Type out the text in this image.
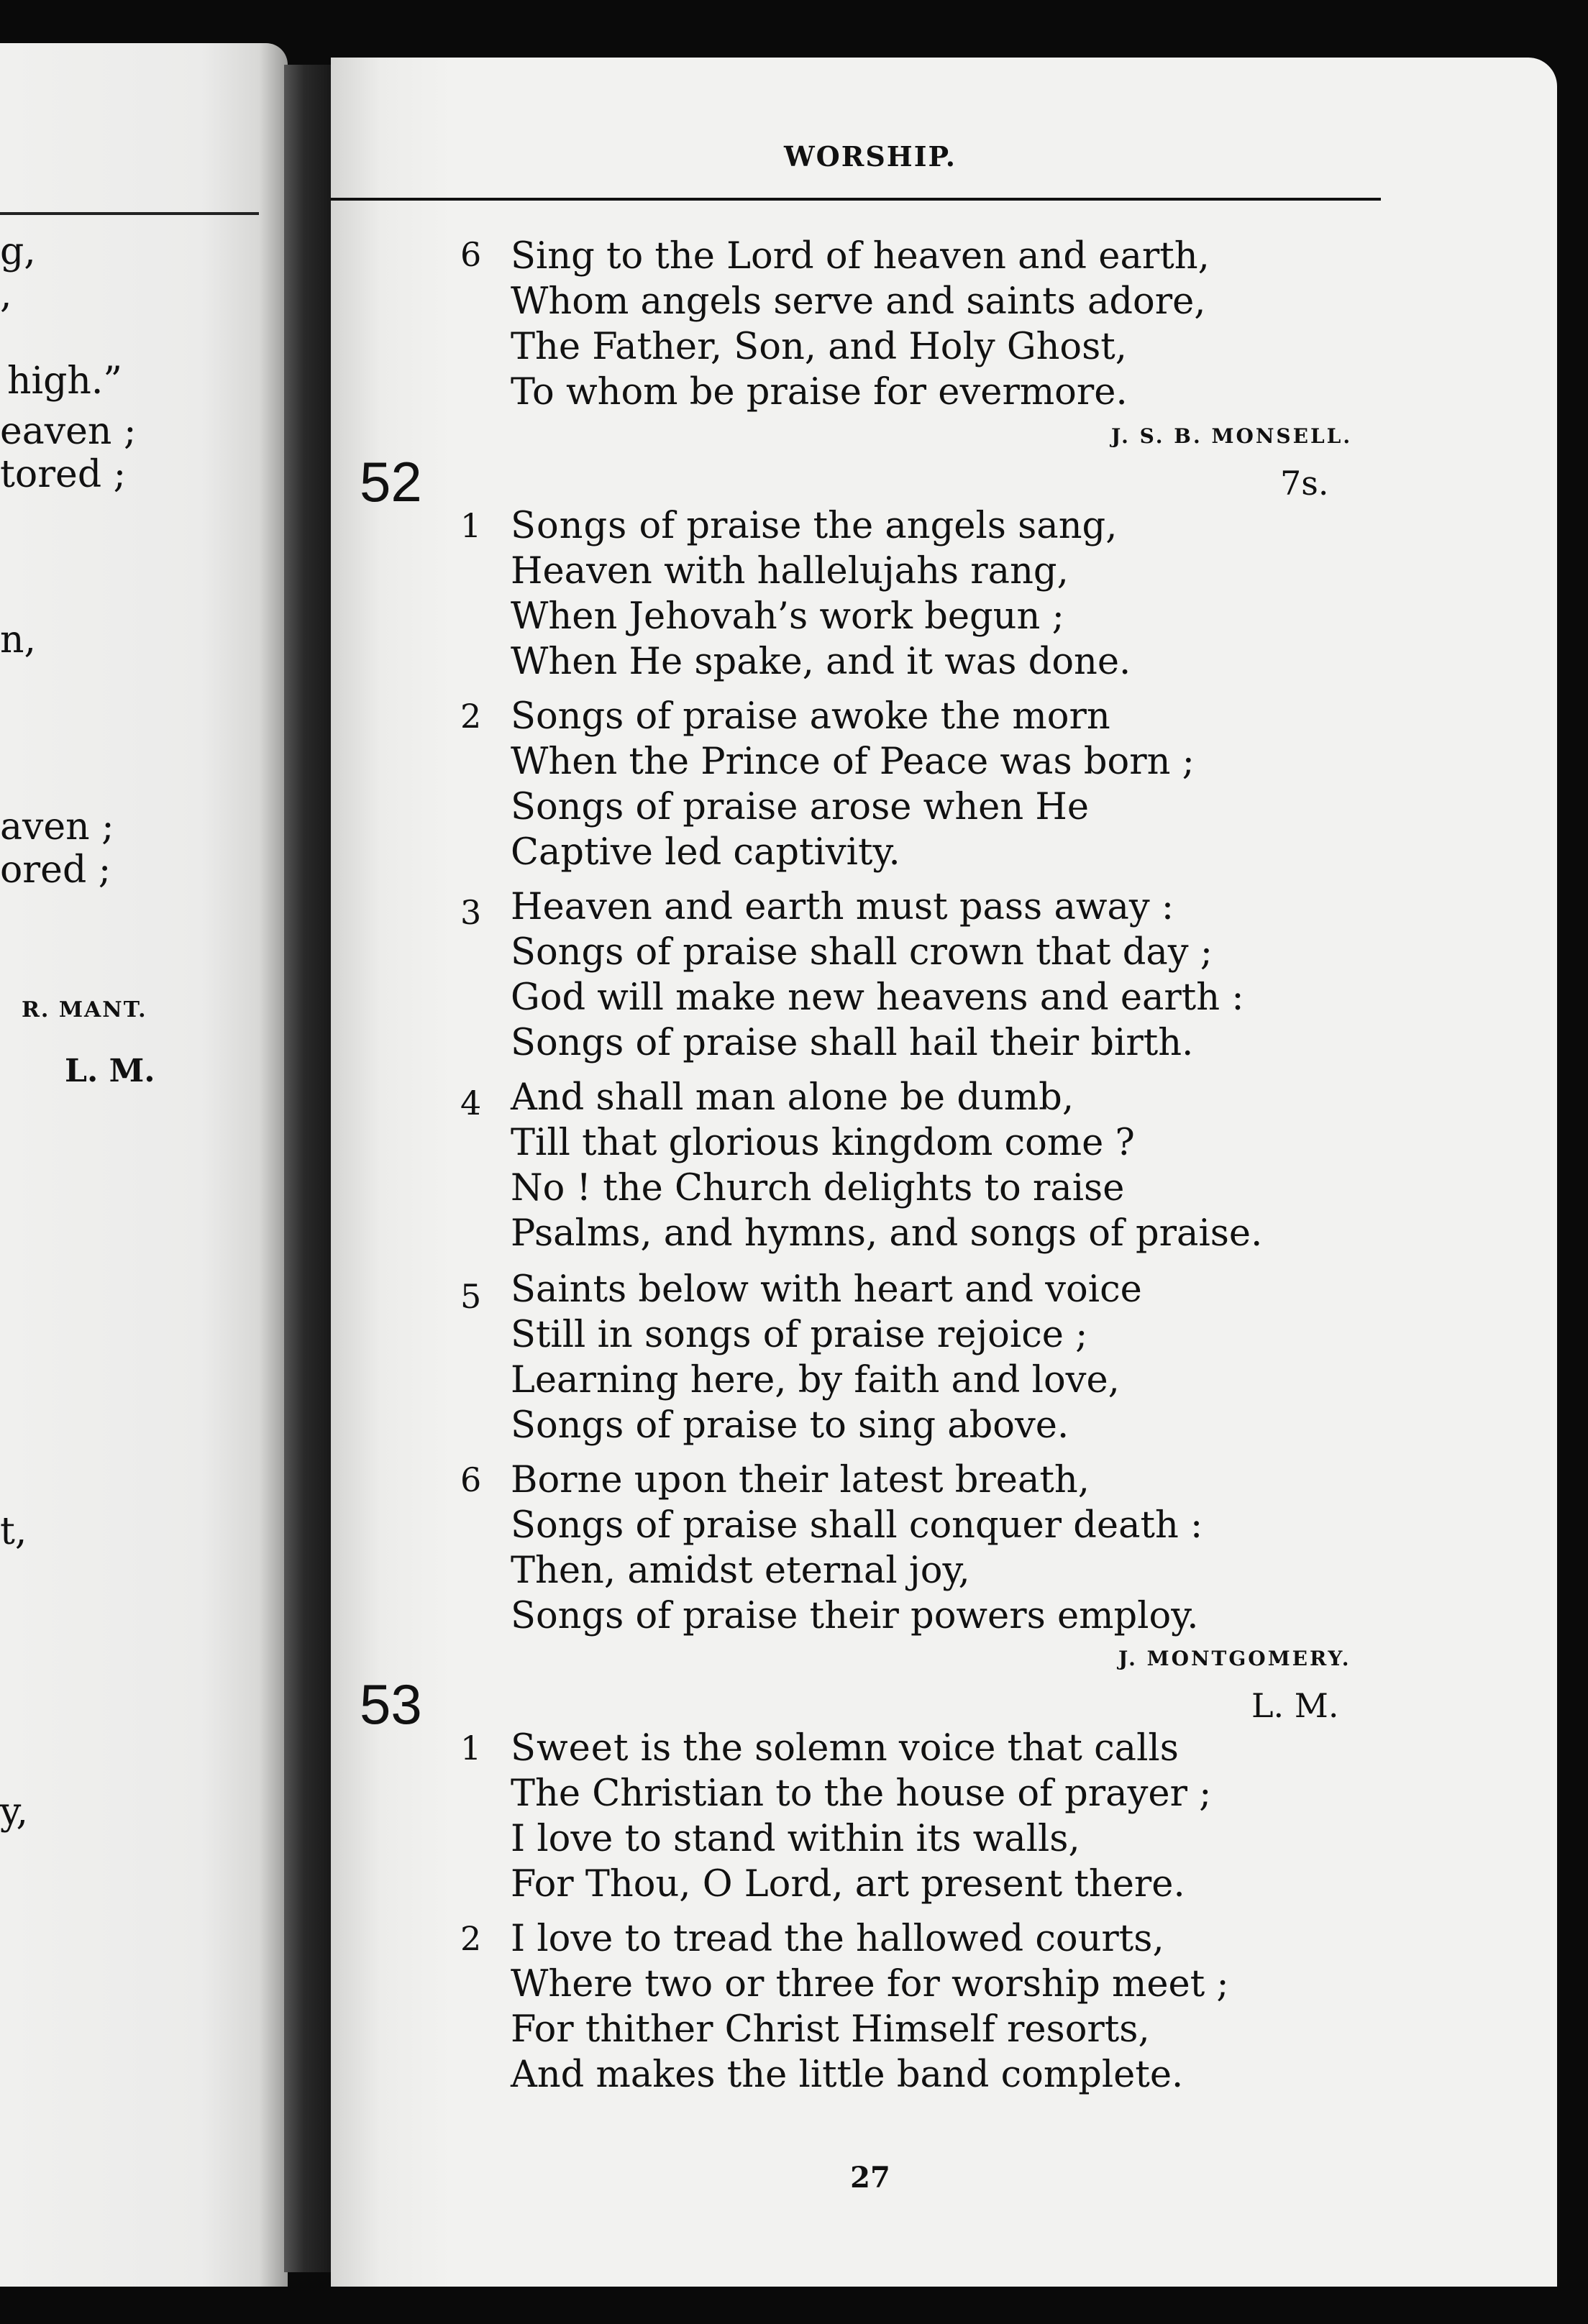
g,
,
high.”
eaven ;
tored ;
n,
aven ;
ored ;
R. MANT.
L. M.
t,
y,
WORSHIP.
6 Sing to the Lord of heaven and earth,
Whom angels serve and saints adore,
The Father, Son, and Holy Ghost,
To whom be praise for evermore.
J. S. B. MONSELL.
52	7s.
1 Songs of praise the angels sang,
Heaven with hallelujahs rang,
When Jehovah’s work begun ;
When He spake, and it was done.
2 Songs of praise awoke the morn
When the Prince of Peace was born ;
Songs of praise arose when He
Captive led captivity.
3 Heaven and earth must pass away :
Songs of praise shall crown that day ;
God will make new heavens and earth :
Songs of praise shall hail their birth.
4 And shall man alone be dumb,
Till that glorious kingdom come ?
No ! the Church delights to raise
Psalms, and hymns, and songs of praise.
5 Saints below with heart and voice
Still in songs of praise rejoice ;
Learning here, by faith and love,
Songs of praise to sing above.
6 Borne upon their latest breath,
Songs of praise shall conquer death :
Then, amidst eternal joy,
Songs of praise their powers employ.
J. MONTGOMERY.
53	L. M.
1 Sweet is the solemn voice that calls
The Christian to the house of prayer ;
I love to stand within its walls,
For Thou, O Lord, art present there.
2 I love to tread the hallowed courts,
Where two or three for worship meet ;
For thither Christ Himself resorts,
And makes the little band complete.
27
